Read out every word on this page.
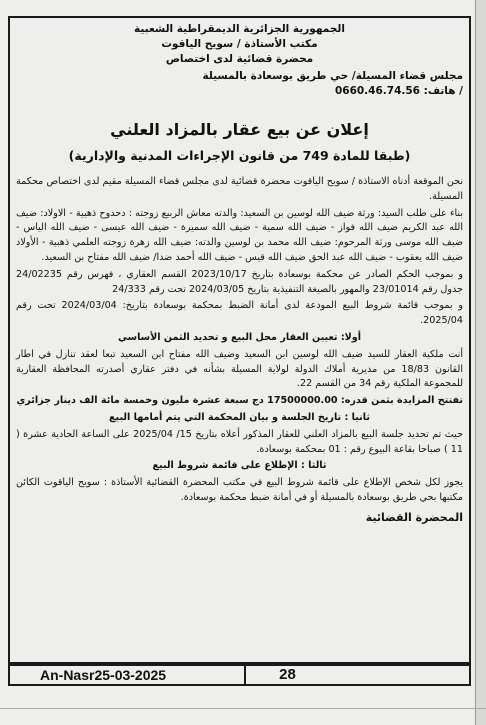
الجمهورية الجزائرية الديمقراطية الشعبية
مكتب الأستاذة / سويح الياقوت
محضرة قضائية لدى اختصاص
مجلس قضاء المسيلة/ حي طريق بوسعادة بالمسيلة
/ هاتف: 0660.46.74.56
إعلان عن بيع عقار بالمزاد العلني
(طبقا للمادة 749 من قانون الإجراءات المدنية والإدارية)

نحن الموقعة أدناه الاستاذة / سويح الياقوت محضرة قضائية لدى مجلس قضاء المسيلة مقيم لدى اختصاص محكمة المسيلة.

بناء على طلب السيد: ورثة ضيف الله لوسين بن السعيد: والدته معاش الربيع زوجته : دحدوح ذهبية - الاولاد: ضيف الله عبد الكريم ضيف الله فواز - ضيف الله سمية - ضيف الله سميرة - ضيف الله عيسى - ضيف الله الياس - ضيف الله موسى ورثة المرحوم: ضيف الله محمد بن لوسين والدته: ضيف الله زهرة زوجته العلمي ذهبية - الأولاد ضيف الله يعقوب - ضيف الله عبد الحق ضيف الله قيس - ضيف الله أحمد ضدا/ ضيف الله مفتاح بن السعيد.

و بموجب الحكم الصادر عن محكمة بوسعادة بتاريخ 2023/10/17 القسم العقاري ، فهرس رقم 24/02235 جدول رقم 23/01014 والمهور بالصيغة التنفيذية بتاريخ 2024/03/05 تحت رقم 24/333

و بموجب قائمة شروط البيع المودعة لدى أمانة الضبط بمحكمة بوسعادة بتاريخ: 2024/03/04 تحت رقم 2025/04.

أولا: تعيين العقار محل البيع و تحديد الثمن الأساسي

أنت ملكية العقار للسيد ضيف الله لوسين ابن السعيد وضيف الله مفتاح ابن السعيد تبعا لعقد تنازل في اطار القانون 18/83 من مديرية أملاك الدولة لولاية المسيلة بشأنه في دفتر عقاري أصدرته المحافظة العقارية للمجموعة الملكية رقم 34 من القسم 22.

تفتتح المزايدة بثمن قدره: 17500000.00 دج سبعة عشرة مليون وخمسة مائة الف دينار جزائري

ثانيا : تاريخ الجلسة و بيان المحكمة التي يتم أمامها البيع

حيث تم تحديد جلسة البيع بالمزاد العلني للعقار المذكور أعلاه بتاريخ 15/ 2025/04 على الساعة الحادية عشرة ( 11 ) صباحا بقاعة البيوع رقم : 01 بمحكمة بوسعادة.

ثالثا : الإطلاع على قائمة شروط البيع

يجوز لكل شخص الإطلاع على قائمة شروط البيع في مكتب المحضرة القضائية الأستاذة : سويح الياقوت الكائن مكتبها بحي طريق بوسعادة بالمسيلة أو في أمانة ضبط محكمة بوسعادة.

المحضرة القضائية
An-Nasr25-03-2025	28
